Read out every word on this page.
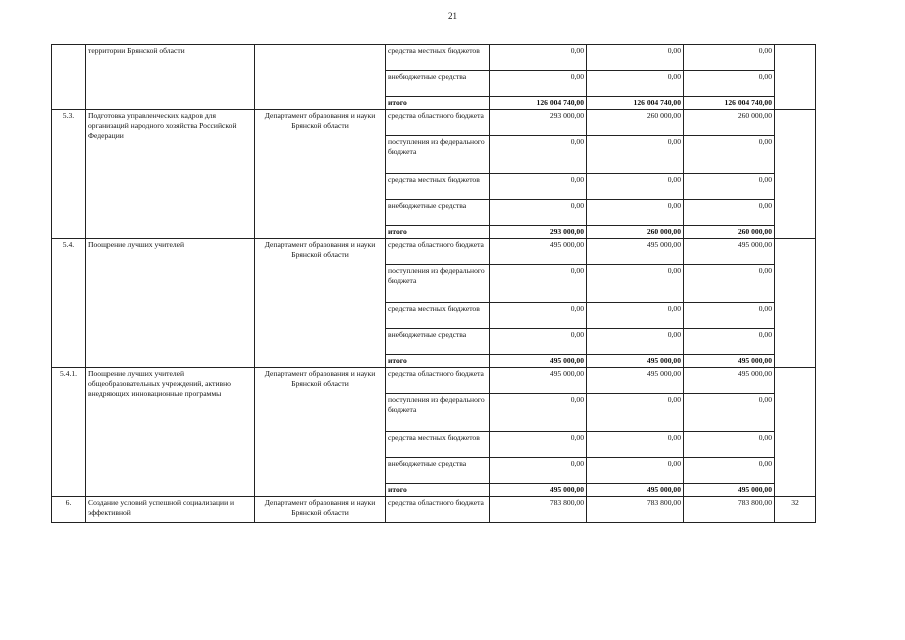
21
	территории Брянской области		средства местных бюджетов	0,00	0,00	0,00	
			внебюджетные средства	0,00	0,00	0,00	
			итого	126 004 740,00	126 004 740,00	126 004 740,00	
5.3.	Подготовка управленческих кадров для организаций народного хозяйства Российской Федерации	Департамент образования и науки Брянской области	средства областного бюджета	293 000,00	260 000,00	260 000,00	
			поступления из федерального бюджета	0,00	0,00	0,00	
			средства местных бюджетов	0,00	0,00	0,00	
			внебюджетные средства	0,00	0,00	0,00	
			итого	293 000,00	260 000,00	260 000,00	
5.4.	Поощрение лучших учителей	Департамент образования и науки Брянской области	средства областного бюджета	495 000,00	495 000,00	495 000,00	
			поступления из федерального бюджета	0,00	0,00	0,00	
			средства местных бюджетов	0,00	0,00	0,00	
			внебюджетные средства	0,00	0,00	0,00	
			итого	495 000,00	495 000,00	495 000,00	
5.4.1.	Поощрение лучших учителей общеобразовательных учреждений, активно внедряющих инновационные программы	Департамент образования и науки Брянской области	средства областного бюджета	495 000,00	495 000,00	495 000,00	
			поступления из федерального бюджета	0,00	0,00	0,00	
			средства местных бюджетов	0,00	0,00	0,00	
			внебюджетные средства	0,00	0,00	0,00	
			итого	495 000,00	495 000,00	495 000,00	
6.	Создание условий успешной социализации и эффективной	Департамент образования и науки Брянской области	средства областного бюджета	783 800,00	783 800,00	783 800,00	32
